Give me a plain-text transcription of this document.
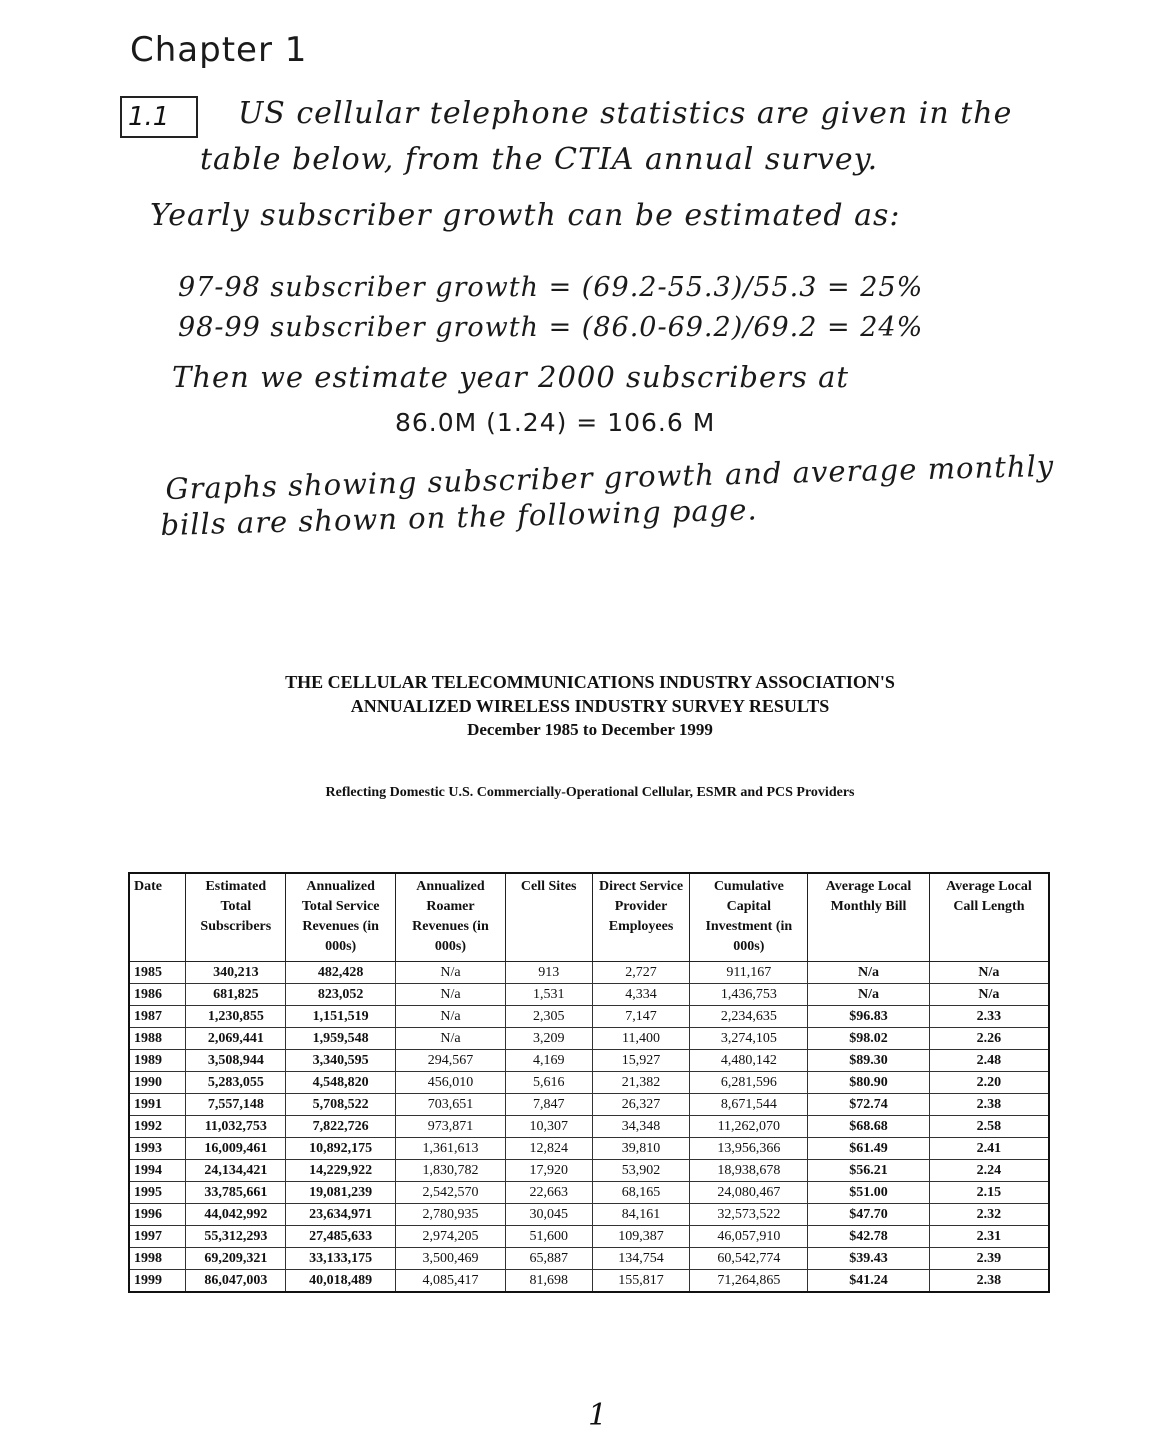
Chapter 1
1.1	US cellular telephone statistics are given in the
table below, from the CTIA annual survey.
Yearly subscriber growth can be estimated as:
97-98 subscriber growth = (69.2-55.3)/55.3 = 25%
98-99 subscriber growth = (86.0-69.2)/69.2 = 24%
Then we estimate year 2000 subscribers at
86.0M (1.24) = 106.6 M
Graphs showing subscriber growth and average monthly
bills are shown on the following page.
THE CELLULAR TELECOMMUNICATIONS INDUSTRY ASSOCIATION'S
ANNUALIZED WIRELESS INDUSTRY SURVEY RESULTS
December 1985 to December 1999
Reflecting Domestic U.S. Commercially-Operational Cellular, ESMR and PCS Providers
Date	Estimated Total Subscribers	Annualized Total Service Revenues (in 000s)	Annualized Roamer Revenues (in 000s)	Cell Sites	Direct Service Provider Employees	Cumulative Capital Investment (in 000s)	Average Local Monthly Bill	Average Local Call Length
1985	340,213	482,428	N/a	913	2,727	911,167	N/a	N/a
1986	681,825	823,052	N/a	1,531	4,334	1,436,753	N/a	N/a
1987	1,230,855	1,151,519	N/a	2,305	7,147	2,234,635	$96.83	2.33
1988	2,069,441	1,959,548	N/a	3,209	11,400	3,274,105	$98.02	2.26
1989	3,508,944	3,340,595	294,567	4,169	15,927	4,480,142	$89.30	2.48
1990	5,283,055	4,548,820	456,010	5,616	21,382	6,281,596	$80.90	2.20
1991	7,557,148	5,708,522	703,651	7,847	26,327	8,671,544	$72.74	2.38
1992	11,032,753	7,822,726	973,871	10,307	34,348	11,262,070	$68.68	2.58
1993	16,009,461	10,892,175	1,361,613	12,824	39,810	13,956,366	$61.49	2.41
1994	24,134,421	14,229,922	1,830,782	17,920	53,902	18,938,678	$56.21	2.24
1995	33,785,661	19,081,239	2,542,570	22,663	68,165	24,080,467	$51.00	2.15
1996	44,042,992	23,634,971	2,780,935	30,045	84,161	32,573,522	$47.70	2.32
1997	55,312,293	27,485,633	2,974,205	51,600	109,387	46,057,910	$42.78	2.31
1998	69,209,321	33,133,175	3,500,469	65,887	134,754	60,542,774	$39.43	2.39
1999	86,047,003	40,018,489	4,085,417	81,698	155,817	71,264,865	$41.24	2.38
1
